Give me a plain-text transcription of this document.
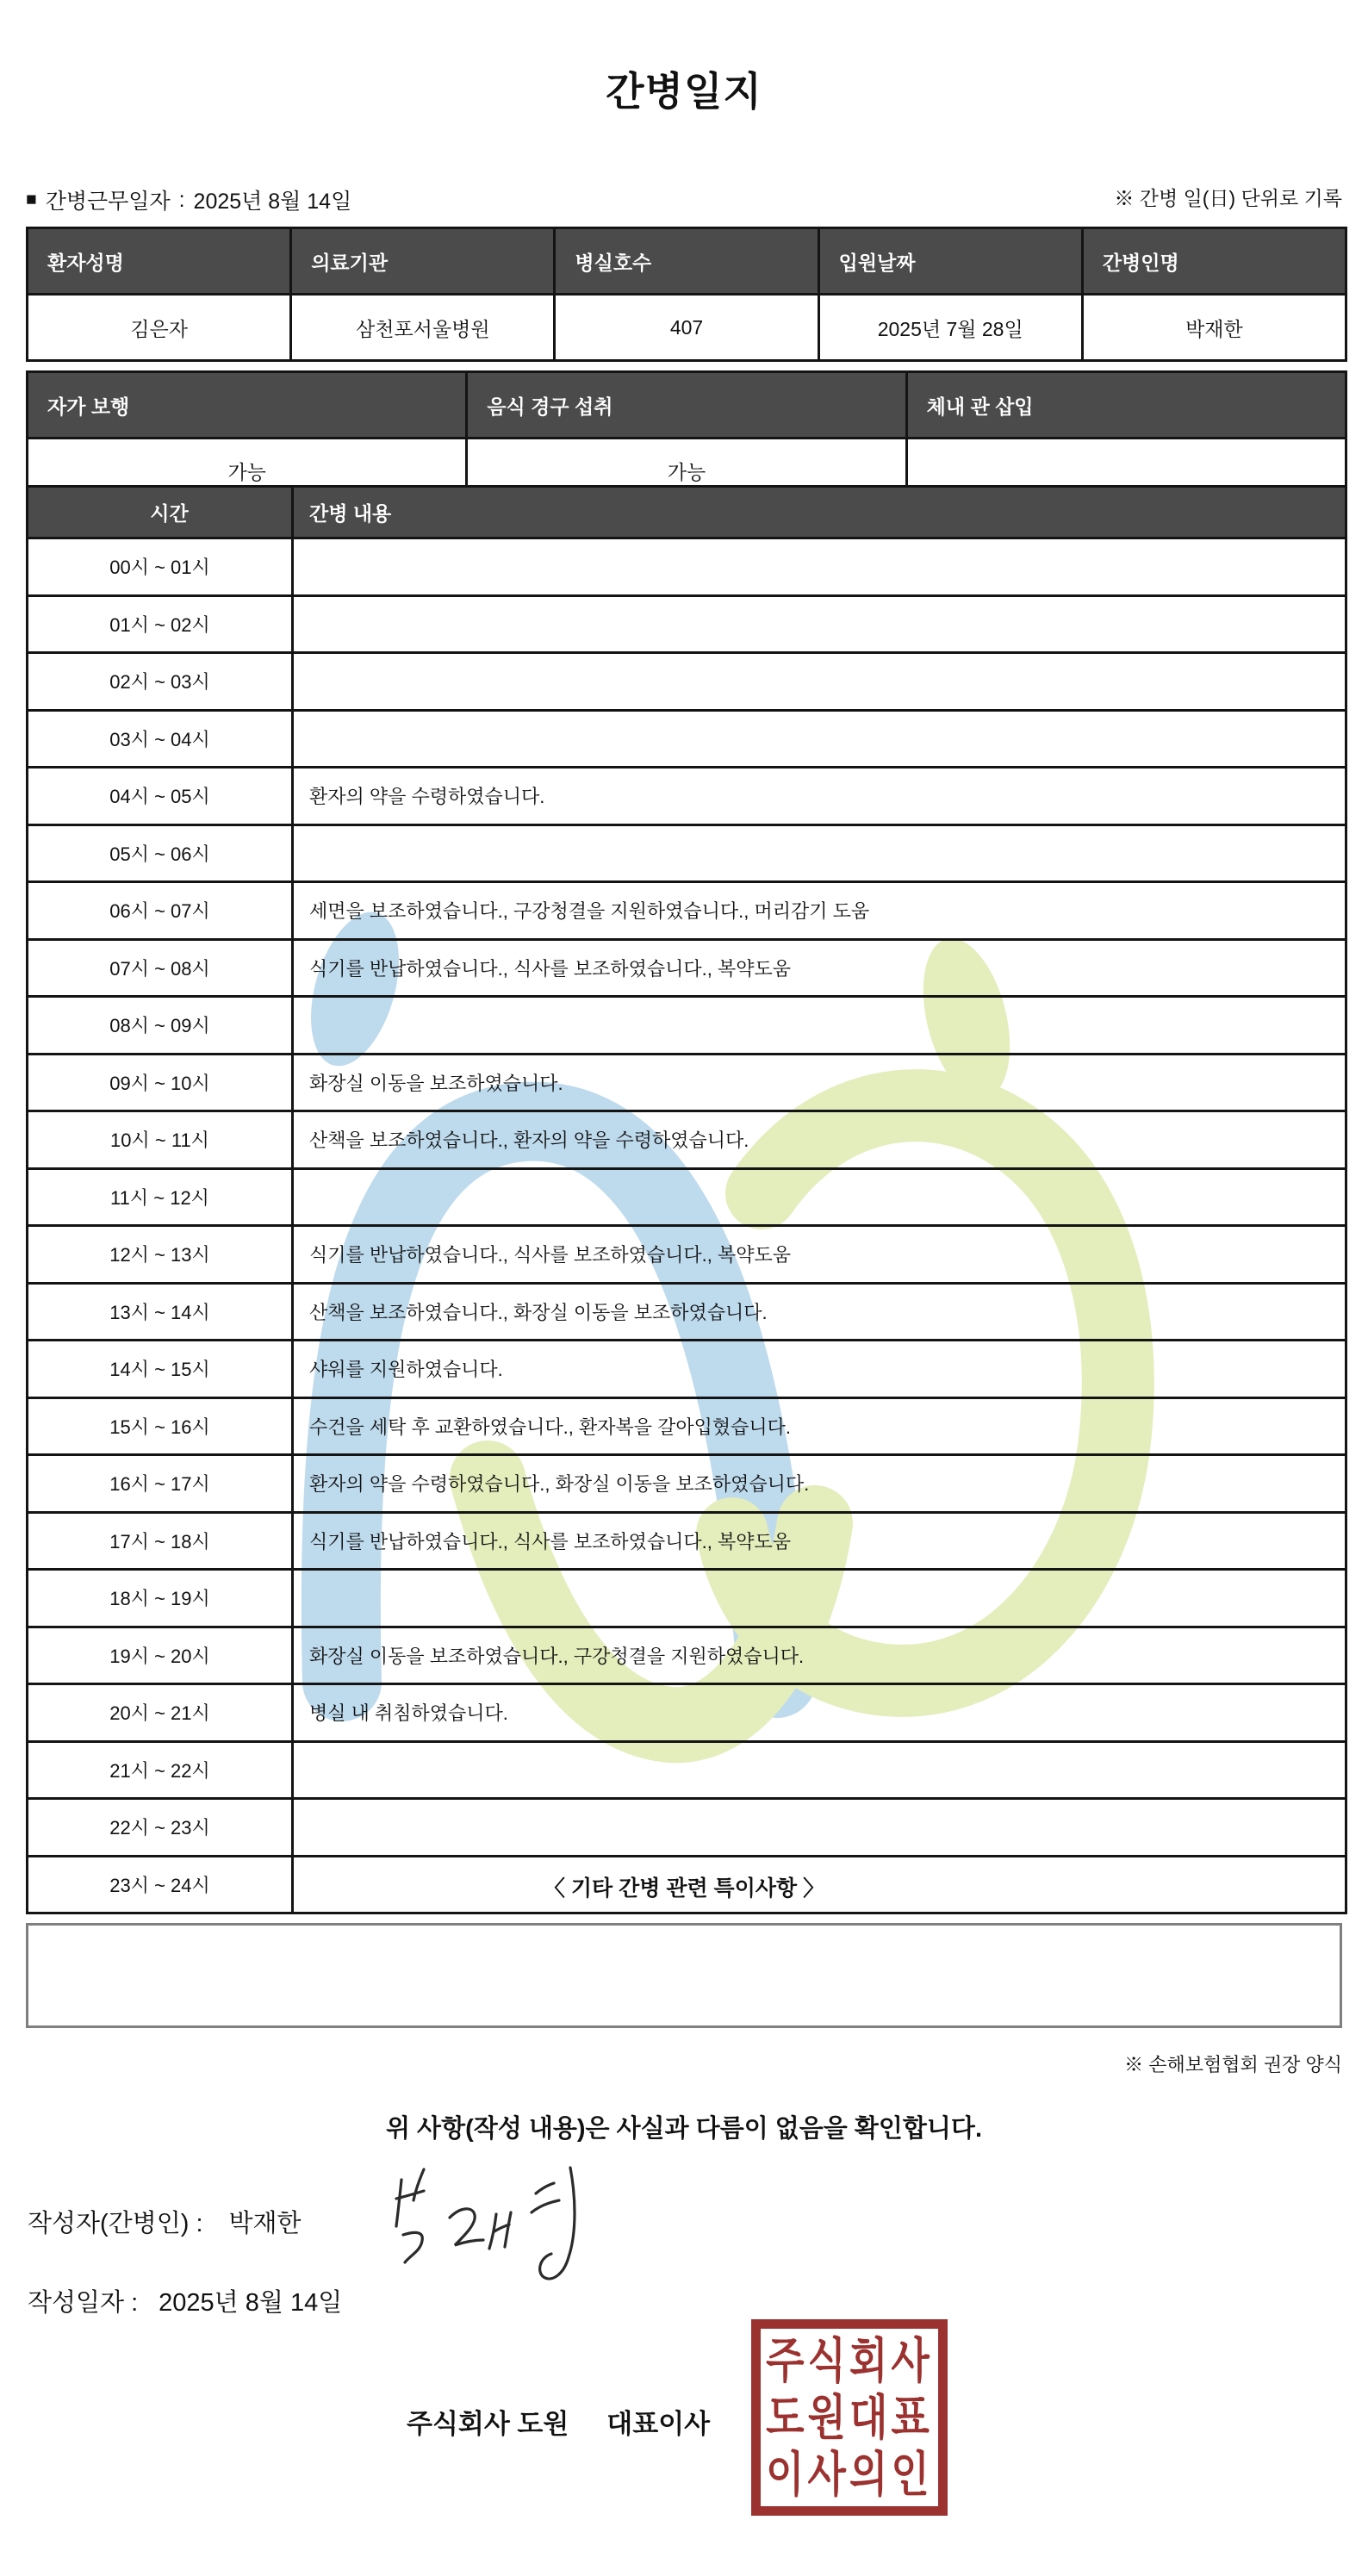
간병일지
■ 간병근무일자 : 2025년 8월 14일	※ 간병 일(日) 단위로 기록
환자성명	의료기관	병실호수	입원날짜	간병인명
김은자	삼천포서울병원	407	2025년 7월 28일	박재한
자가 보행	음식 경구 섭취	체내 관 삽입
가능	가능
시간	간병 내용
00시 ~ 01시
01시 ~ 02시
02시 ~ 03시
03시 ~ 04시
04시 ~ 05시	환자의 약을 수령하였습니다.
05시 ~ 06시
06시 ~ 07시	세면을 보조하였습니다., 구강청결을 지원하였습니다., 머리감기 도움
07시 ~ 08시	식기를 반납하였습니다., 식사를 보조하였습니다., 복약도움
08시 ~ 09시
09시 ~ 10시	화장실 이동을 보조하였습니다.
10시 ~ 11시	산책을 보조하였습니다., 환자의 약을 수령하였습니다.
11시 ~ 12시
12시 ~ 13시	식기를 반납하였습니다., 식사를 보조하였습니다., 복약도움
13시 ~ 14시	산책을 보조하였습니다., 화장실 이동을 보조하였습니다.
14시 ~ 15시	샤워를 지원하였습니다.
15시 ~ 16시	수건을 세탁 후 교환하였습니다., 환자복을 갈아입혔습니다.
16시 ~ 17시	환자의 약을 수령하였습니다., 화장실 이동을 보조하였습니다.
17시 ~ 18시	식기를 반납하였습니다., 식사를 보조하였습니다., 복약도움
18시 ~ 19시
19시 ~ 20시	화장실 이동을 보조하였습니다., 구강청결을 지원하였습니다.
20시 ~ 21시	병실 내 취침하였습니다.
21시 ~ 22시
22시 ~ 23시
23시 ~ 24시	〈 기타 간병 관련 특이사항 〉
※ 손해보험협회 권장 양식
위 사항(작성 내용)은 사실과 다름이 없음을 확인합니다.
작성자(간병인) : 박재한
작성일자 : 2025년 8월 14일
주식회사 도원 대표이사
주식회사
도원대표
이사의인
